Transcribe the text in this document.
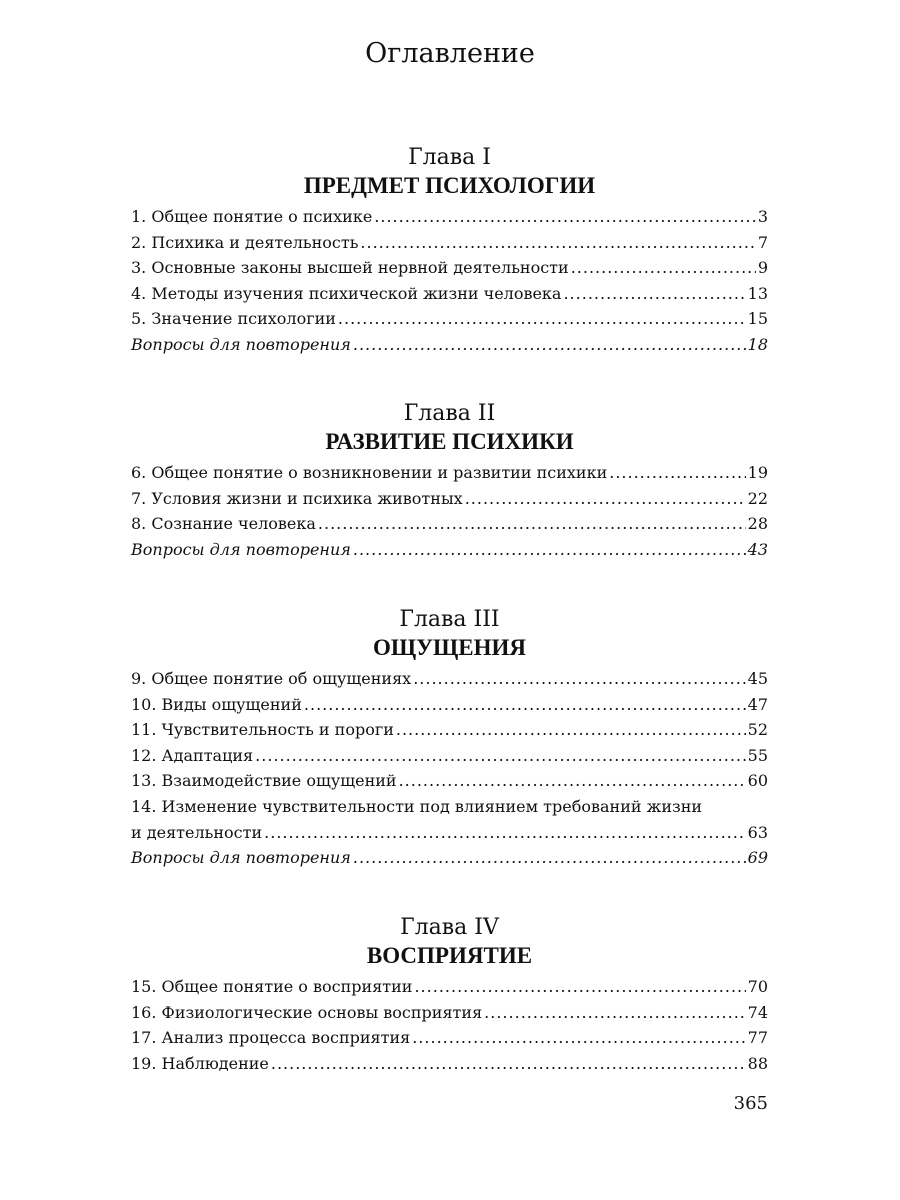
Оглавление
Глава I
ПРЕДМЕТ ПСИХОЛОГИИ
1. Общее понятие о психике .....	3
2. Психика и деятельность .....	7
3. Основные законы высшей нервной деятельности .....	9
4. Методы изучения психической жизни человека .....	13
5. Значение психологии .....	15
Вопросы для повторения .....	18
Глава II
РАЗВИТИЕ ПСИХИКИ
6. Общее понятие о возникновении и развитии психики .....	19
7. Условия жизни и психика животных .....	22
8. Сознание человека .....	28
Вопросы для повторения .....	43
Глава III
ОЩУЩЕНИЯ
9. Общее понятие об ощущениях .....	45
10. Виды ощущений .....	47
11. Чувствительность и пороги .....	52
12. Адаптация .....	55
13. Взаимодействие ощущений .....	60
14. Изменение чувствительности под влиянием требований жизни
и деятельности .....	63
Вопросы для повторения .....	69
Глава IV
ВОСПРИЯТИЕ
15. Общее понятие о восприятии .....	70
16. Физиологические основы восприятия .....	74
17. Анализ процесса восприятия .....	77
19. Наблюдение .....	88
365
